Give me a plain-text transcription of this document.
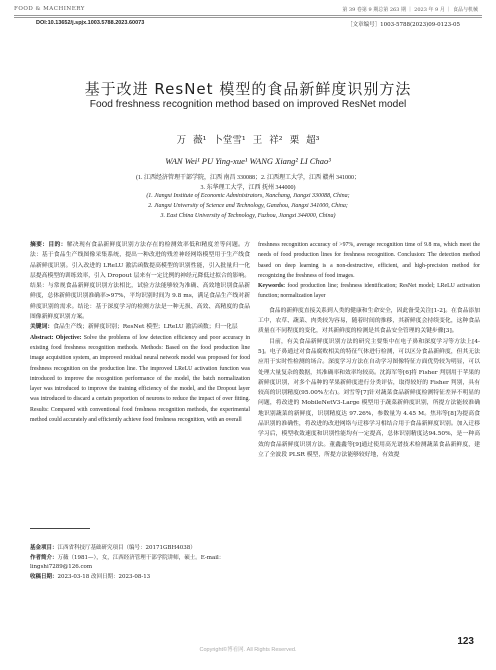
FOOD & MACHINERY	第 39 卷第 9 期总第 263 期 ｜ 2023 年 9 月 ｜ 食品与机械
DOI:10.13652/j.spjx.1003.5788.2023.60073	［文章编号］1003-5788(2023)09-0123-05
基于改进 ResNet 模型的食品新鲜度识别方法
Food freshness recognition method based on improved ResNet model
万 薇¹ 卜堂雪¹ 王 祥² 栗 超³
WAN Wei¹ PU Ying-xue¹ WANG Xiang² LI Chao³
(1. 江西经济管理干部学院，江西 南昌 330088；2. 江西理工大学，江西 赣州 341000；
3. 东华理工大学，江西 抚州 344000)
(1. Jiangxi Institute of Economic Administrators, Nanchang, Jiangxi 330088, China;
2. Jiangxi University of Science and Technology, Ganzhou, Jiangxi 341000, China;
3. East China University of Technology, Fuzhou, Jiangxi 344000, China)

摘要：目的：解决现有食品新鲜度识别方法存在的检测效率低和精度差等问题。方法：基于食品生产线图像采集系统，提出一种改进的残差神经网络模型用于生产线食品新鲜度识别。引入改进的 LReLU 激活函数提高模型的识别性能，引入批量归一化层提高模型的训练效率，引入 Dropout 层来有一定比例的神经元降低过拟合的影响。结果：与常规食品新鲜度识别方法相比，试验方法能够较为准确、高效地识别食品新鲜度，总体新鲜度识别准确率>97%，平均识别时间为 9.8 ms，满足食品生产线对新鲜度识别的需求。结论：基于深度学习的检测方法是一种无损、高效、高精度的食品图像新鲜度识别方案。

关键词：食品生产线；新鲜度识别；ResNet 模型；LReLU 激活函数；归一化层

Abstract: Objective: Solve the problems of low detection efficiency and poor accuracy in existing food freshness recognition methods. Methods: Based on the food production line image acquisition system, an improved residual neural network model was proposed for food freshness recognition on the production line. The improved LReLU activation function was introduced to improve the recognition performance of the model, the batch normalization layer was introduced to improve the training efficiency of the model, and the Dropout layer was introduced to discard a certain proportion of neurons to reduce the impact of over fitting. Results: Compared with conventional food freshness recognition methods, the experimental method could accurately and efficiently achieve food freshness recognition, with an overall

基金项目：江西省科技厅基础研究项目（编号：20171GBH4038）
作者简介：万薇（1981—），女，江西经济管理干部学院讲师，硕士。E-mail：lingshi7289@126.com
收稿日期：2023-03-18 改回日期：2023-08-13

freshness recognition accuracy of >97%, average recognition time of 9.8 ms, which meet the needs of food production lines for freshness recognition. Conclusion: The detection method based on deep learning is a non-destructive, efficient, and high-precision method for recognizing the freshness of food images.

Keywords: food production line; freshness identification; ResNet model; LReLU activation function; normalization layer

食品的新鲜度直接关系到人类的健康和生命安全，因此备受关注[1-2]。在食品添加工中，农草、蔬菜、肉类较为容易，随着时间的推移，其新鲜度会持续变化，这种食品质量在不同程度的变化，对其新鲜度的检测是其食品安全管理的关键步骤[3]。

目前，有关食品新鲜度识别方法的研究主要集中在电子鼻和深度学习等方法上[4-5]。电子鼻通过对食品腐败相关的特征气体进行检测，可以区分食品新鲜度，但其无法应用于实时性检测的场合。深度学习方法在自动学习图像特征方面优势较为明显，可以处理大量复杂的数据，其准确率和效率均较高。沈海军等[6]将 Fisher 判别用于苹果的新鲜度识别，对多个品种的苹果新鲜度进行分类评估，取得较好的 Fisher 判别，具有较高的识别精度(95.00%左右)。刘雪等[7]针对蔬菜食品新鲜度检测特征差异不明显的问题，将改进的 MobileNetV3-Large 模型用于蔬菜新鲜度识别，所提方法能较准确地识别蔬菜的新鲜度，识别精度达 97.26%，参数量为 4.45 M。焦玮等[8]为提高食品识别的准确性，将改进的改进网络与迁移学习相结合用于食品新鲜度识别。加入迁移学习后，模型收敛速度和识别性能均有一定提高，总体识别精度达94.50%，是一种高效的食品新鲜度识别方法。董鑫鑫等[9]通过使用高光谱技术检测蔬菜食品新鲜度，建立了全波段 PLSR 模型，所提方法能够较好地，有效提

123
Copyright©博看网. All Rights Reserved.
